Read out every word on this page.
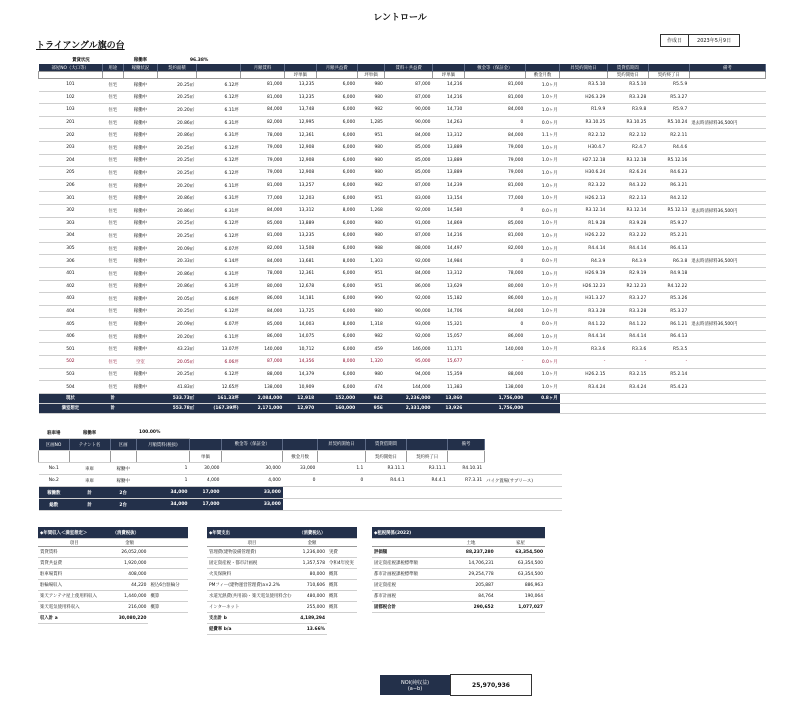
レントロール
トライアングル旗の台	作成日	2023年5月9日
賃貸状況		稼働率	96.38%													
部屋NO（大口等）	用途	稼働状況	契約面積		月額賃料		月額共益費		賃料＋共益費		敷金等（保証金）		昇契約開始日	賃貸借期間		備考
						坪単価		坪単価		坪単価		敷金月数		契約開始日	契約終了日	
101	住宅	稼働中	20.25㎡	6.12坪	81,000	13,235	6,000	980	87,000	14,216	81,000	1.0ヶ月	R3.5.10	R3.5.10	R5.5.9	
102	住宅	稼働中	20.25㎡	6.12坪	81,000	13,235	6,000	980	87,000	14,216	81,000	1.0ヶ月	H26.3.29	R3.3.28	R5.3.27	
103	住宅	稼働中	20.20㎡	6.11坪	84,000	13,748	6,000	982	90,000	14,730	84,000	1.0ヶ月	R1.9.9	R3.9.8	R5.9.7	
201	住宅	稼働中	20.86㎡	6.31坪	82,000	12,995	6,000	1,285	90,000	14,263	0	0.0ヶ月	R3.10.25	R3.10.25	R5.10.24	退去時清掃料36,500円
202	住宅	稼働中	20.86㎡	6.31坪	78,000	12,361	6,000	951	84,000	13,312	84,000	1.1ヶ月	R2.2.12	R2.2.12	R2.2.11	
203	住宅	稼働中	20.25㎡	6.12坪	79,000	12,908	6,000	980	85,000	13,889	79,000	1.0ヶ月	H30.4.7	R2.4.7	R4.4.6	
204	住宅	稼働中	20.25㎡	6.12坪	79,000	12,908	6,000	980	85,000	13,889	79,000	1.0ヶ月	H27.12.18	R3.12.18	R5.12.16	
205	住宅	稼働中	20.25㎡	6.12坪	79,000	12,908	6,000	980	85,000	13,889	79,000	1.0ヶ月	H30.6.24	R2.6.24	R4.6.23	
206	住宅	稼働中	20.20㎡	6.11坪	81,000	13,257	6,000	982	87,000	14,239	81,000	1.0ヶ月	R2.3.22	R4.3.22	R6.3.21	
301	住宅	稼働中	20.86㎡	6.31坪	77,000	12,203	6,000	951	83,000	13,154	77,000	1.0ヶ月	H26.2.13	R2.2.13	R4.2.12	
302	住宅	稼働中	20.86㎡	6.31坪	84,000	13,312	8,000	1,268	92,000	14,580	0	0.0ヶ月	R3.12.14	R3.12.14	R5.12.13	退去時清掃料36,500円
303	住宅	稼働中	20.25㎡	6.12坪	85,000	13,889	6,000	980	91,000	14,869	85,000	1.0ヶ月	R1.9.28	R3.9.28	R5.9.27	
304	住宅	稼働中	20.25㎡	6.12坪	81,000	13,235	6,000	980	87,000	14,216	81,000	1.0ヶ月	H26.2.22	R3.2.22	R5.2.21	
305	住宅	稼働中	20.09㎡	6.07坪	82,000	13,508	6,000	988	88,000	14,497	82,000	1.0ヶ月	R4.4.14	R4.4.14	R6.4.13	
306	住宅	稼働中	20.33㎡	6.14坪	84,000	13,681	8,000	1,303	92,000	14,984	0	0.0ヶ月	R4.3.9	R4.3.9	R6.3.8	退去時清掃料36,500円
401	住宅	稼働中	20.86㎡	6.31坪	78,000	12,361	6,000	951	84,000	13,312	78,000	1.0ヶ月	H26.9.19	R2.9.19	R4.9.18	
402	住宅	稼働中	20.86㎡	6.31坪	80,000	12,678	6,000	951	86,000	13,629	80,000	1.0ヶ月	H26.12.23	R2.12.23	R4.12.22	
403	住宅	稼働中	20.05㎡	6.06坪	86,000	14,181	6,000	990	92,000	15,182	86,000	1.0ヶ月	H31.3.27	R3.3.27	R5.3.26	
404	住宅	稼働中	20.25㎡	6.12坪	84,000	13,725	6,000	980	90,000	14,706	84,000	1.0ヶ月	R3.3.28	R3.3.28	R5.3.27	
405	住宅	稼働中	20.09㎡	6.07坪	85,000	14,003	8,000	1,318	93,000	15,321	0	0.0ヶ月	R4.1.22	R4.1.22	R6.1.21	退去時清掃料36,500円
406	住宅	稼働中	20.20㎡	6.11坪	86,000	14,075	6,000	982	92,000	15,057	86,000	1.0ヶ月	R4.4.14	R4.4.14	R6.4.13	
501	住宅	稼働中	43.23㎡	13.07坪	140,000	10,712	6,000	459	146,000	11,171	140,000	1.0ヶ月	R3.3.6	R3.3.6	R5.3.5	
502	住宅	空室	20.05㎡	6.06坪	87,000	14,356	8,000	1,320	95,000	15,677	-	0.0ヶ月	-	-	-	
503	住宅	稼働中	20.25㎡	6.12坪	88,000	14,379	6,000	980	94,000	15,359	88,000	1.0ヶ月	H26.2.15	R3.2.15	R5.2.14	
504	住宅	稼働中	41.83㎡	12.65坪	138,000	10,909	6,000	474	144,000	11,383	138,000	1.0ヶ月	R3.4.24	R3.4.24	R5.4.23	
現状	計		533.73㎡	161.33坪	2,084,000	12,918	152,000	942	2,236,000	13,860	1,756,000	0.8ヶ月				
満室想定	計		553.78㎡	(167.39坪)	2,171,000	12,970	160,000	956	2,331,000	13,926	1,756,000					
駐車場	稼働率	100.00%									
区画NO	テナント名	区画	月額賃料(税抜)		敷金等（保証金）		昇契約開始日	賃貸借期間		備考	
				単価		敷金月数		契約開始日	契約終了日		
No.1	車庫	稼働中	1	30,000	30,000	33,000	1.1	R3.11.1	R3.11.1	R4.10.31	
No.2	車庫	稼働中	1	4,000	4,000	0	0	R4.4.1	R4.4.1	R7.3.31	バイク置場(サブリース)
稼働数	計	2台	34,000	17,000	33,000						
総数	計	2台	34,000	17,000	33,000						
◆年間収入＜満室想定＞	（消費税抜）	
項目	金額	
賃貸賃料	26,052,000	
賃貸共益費	1,920,000	
駐車場賃料	408,000	
駐輪場収入	44,220	税込6台駐輪分
楽天アンテナ屋上使用料収入	1,440,000	概算
楽天電気使用料収入	216,000	概算
収入計 a	30,080,220	
◆年間支出	（消費税込）	
項目	金額	
管理費(建物設備管理費)	1,236,000	実費
固定資産税・都市計画税	1,357,578	令和4年度実
火災保険料	80,000	概算
PMフィー(建物運営管理費)a×2.2%	710,606	概算
水道光熱費(共用部)・楽天電気使用料含む	480,000	概算
インターネット	255,000	概算
支出計 b	4,189,294	
経費率 b/a	13.66%	
◆租税関係(2022)		
	土地	家屋
評価額	88,237,280	63,354,500
固定資産税課税標準額	14,706,231	63,354,500
都市計画税課税標準額	29,254,778	63,354,500
固定資産税	205,887	886,963
都市計画税	84,764	190,064
固都税合計	290,652	1,077,027
NOI(純収益)
(a−b)	25,970,936
